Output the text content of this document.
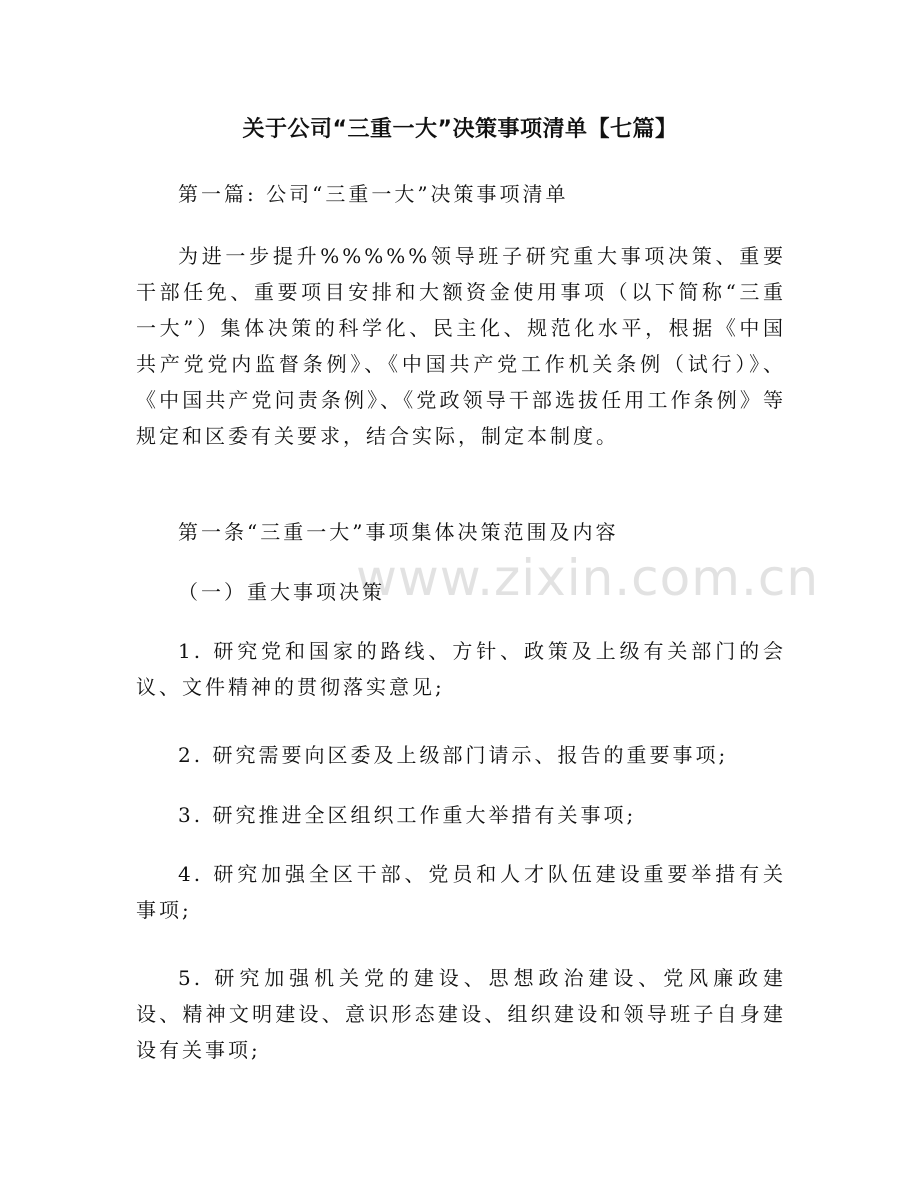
www.zixin.com.cn
关于公司“三重一大”决策事项清单【七篇】

第一篇: 公司“三重一大”决策事项清单

为进一步提升%%%%%领导班子研究重大事项决策、重要干部任免、重要项目安排和大额资金使用事项（以下简称“三重一大”）集体决策的科学化、民主化、规范化水平，根据《中国共产党党内监督条例》、《中国共产党工作机关条例（试行）》、《中国共产党问责条例》、《党政领导干部选拔任用工作条例》等规定和区委有关要求，结合实际，制定本制度。

第一条“三重一大”事项集体决策范围及内容

（一）重大事项决策

1. 研究党和国家的路线、方针、政策及上级有关部门的会议、文件精神的贯彻落实意见;

2. 研究需要向区委及上级部门请示、报告的重要事项;

3. 研究推进全区组织工作重大举措有关事项;

4. 研究加强全区干部、党员和人才队伍建设重要举措有关事项;

5. 研究加强机关党的建设、思想政治建设、党风廉政建设、精神文明建设、意识形态建设、组织建设和领导班子自身建设有关事项;
